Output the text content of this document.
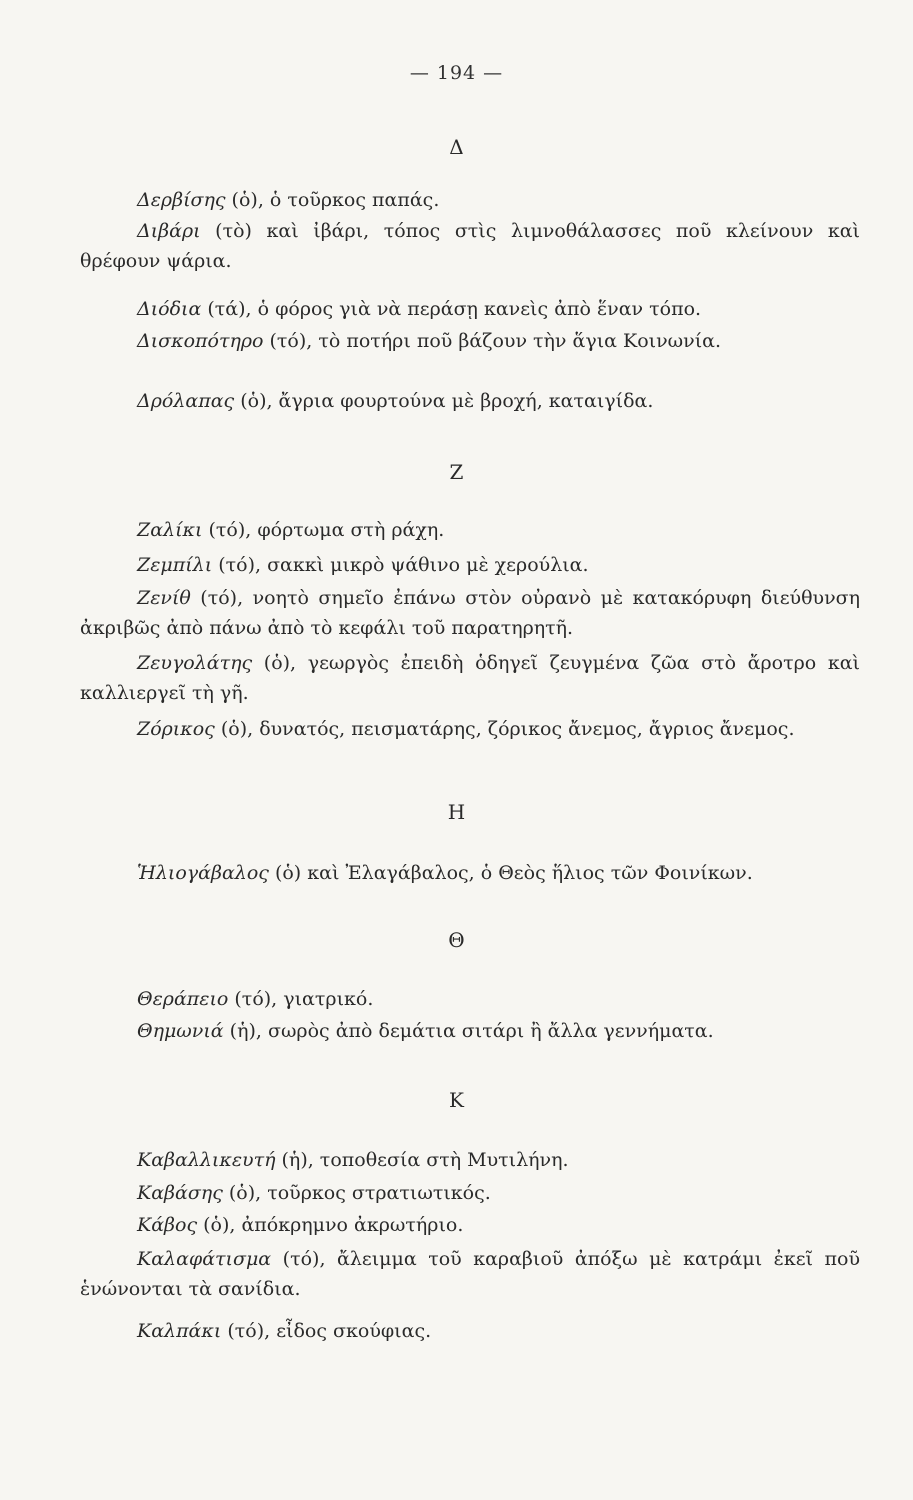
— 194 —
Δ
Δερβίσης (ὁ), ὁ τοῦρκος παπάς.
Διβάρι (τὸ) καὶ ἰβάρι, τόπος στὶς λιμνοθάλασσες ποῦ κλείνουν καὶ θρέφουν ψάρια.
Διόδια (τά), ὁ φόρος γιὰ νὰ περάσῃ κανεὶς ἀπὸ ἕναν τόπο.
Δισκοπότηρο (τό), τὸ ποτήρι ποῦ βάζουν τὴν ἅγια Κοινωνία.
Δρόλαπας (ὁ), ἄγρια φουρτούνα μὲ βροχή, καταιγίδα.
Ζ
Ζαλίκι (τό), φόρτωμα στὴ ράχη.
Ζεμπίλι (τό), σακκὶ μικρὸ ψάθινο μὲ χερούλια.
Ζενίθ (τό), νοητὸ σημεῖο ἐπάνω στὸν οὐρανὸ μὲ κατακόρυφη διεύθυνση ἀκριβῶς ἀπὸ πάνω ἀπὸ τὸ κεφάλι τοῦ παρατηρητῆ.
Ζευγολάτης (ὁ), γεωργὸς ἐπειδὴ ὁδηγεῖ ζευγμένα ζῶα στὸ ἄροτρο καὶ καλλιεργεῖ τὴ γῆ.
Ζόρικος (ὁ), δυνατός, πεισματάρης, ζόρικος ἄνεμος, ἄγριος ἄνεμος.
Η
Ἡλιογάβαλος (ὁ) καὶ Ἐλαγάβαλος, ὁ Θεὸς ἥλιος τῶν Φοινίκων.
Θ
Θεράπειο (τό), γιατρικό.
Θημωνιά (ἡ), σωρὸς ἀπὸ δεμάτια σιτάρι ἢ ἄλλα γεννήματα.
Κ
Καβαλλικευτή (ἡ), τοποθεσία στὴ Μυτιλήνη.
Καβάσης (ὁ), τοῦρκος στρατιωτικός.
Κάβος (ὁ), ἀπόκρημνο ἀκρωτήριο.
Καλαφάτισμα (τό), ἄλειμμα τοῦ καραβιοῦ ἀπόξω μὲ κατράμι ἐκεῖ ποῦ ἑνώνονται τὰ σανίδια.
Καλπάκι (τό), εἶδος σκούφιας.
